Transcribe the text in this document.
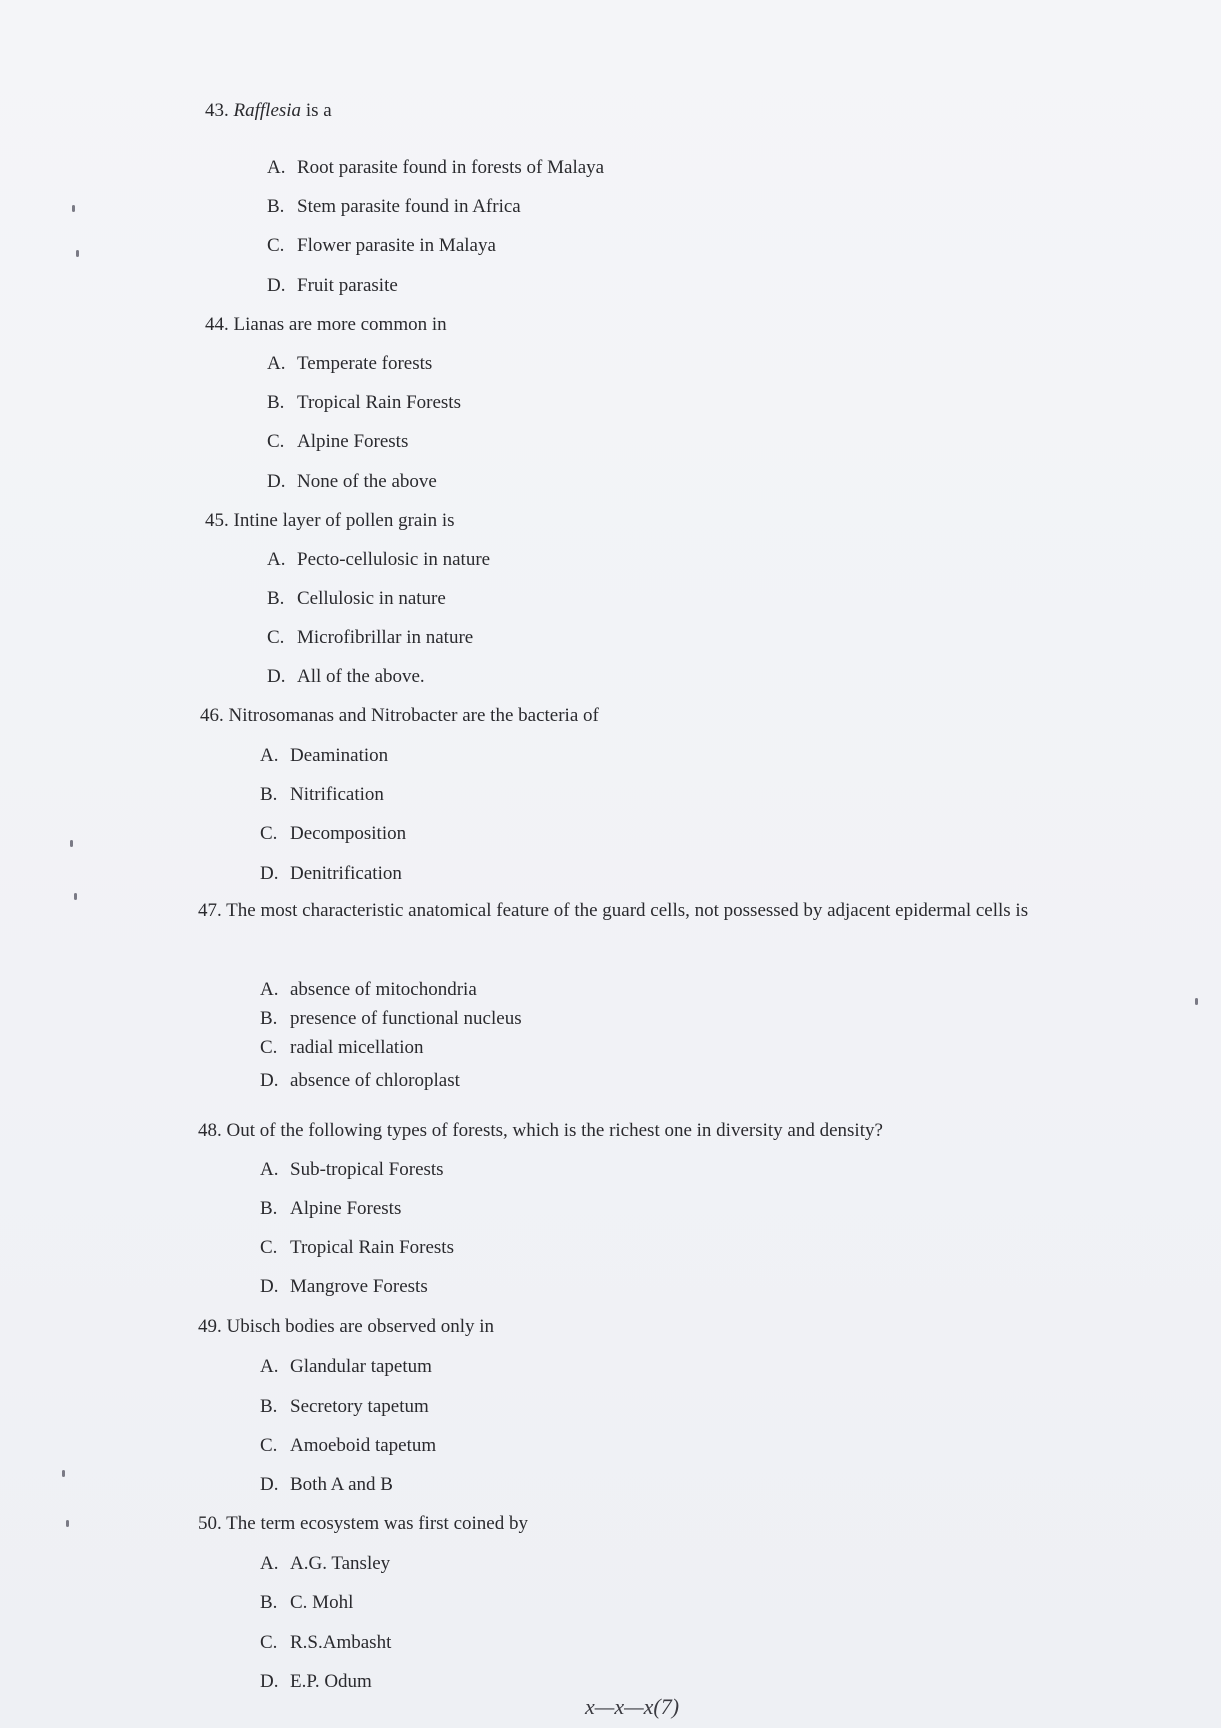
43. Rafflesia is a
A. Root parasite found in forests of Malaya
B. Stem parasite found in Africa
C. Flower parasite in Malaya
D. Fruit parasite
44. Lianas are more common in
A. Temperate forests
B. Tropical Rain Forests
C. Alpine Forests
D. None of the above
45. Intine layer of pollen grain is
A. Pecto-cellulosic in nature
B. Cellulosic in nature
C. Microfibrillar in nature
D. All of the above.
46. Nitrosomanas and Nitrobacter are the bacteria of
A. Deamination
B. Nitrification
C. Decomposition
D. Denitrification
47. The most characteristic anatomical feature of the guard cells, not possessed by adjacent epidermal cells is
A. absence of mitochondria
B. presence of functional nucleus
C. radial micellation
D. absence of chloroplast
48. Out of the following types of forests, which is the richest one in diversity and density?
A. Sub-tropical Forests
B. Alpine Forests
C. Tropical Rain Forests
D. Mangrove Forests
49. Ubisch bodies are observed only in
A. Glandular tapetum
B. Secretory tapetum
C. Amoeboid tapetum
D. Both A and B
50. The term ecosystem was first coined by
A. A.G. Tansley
B. C. Mohl
C. R.S.Ambasht
D. E.P. Odum
x—x—x(7)
